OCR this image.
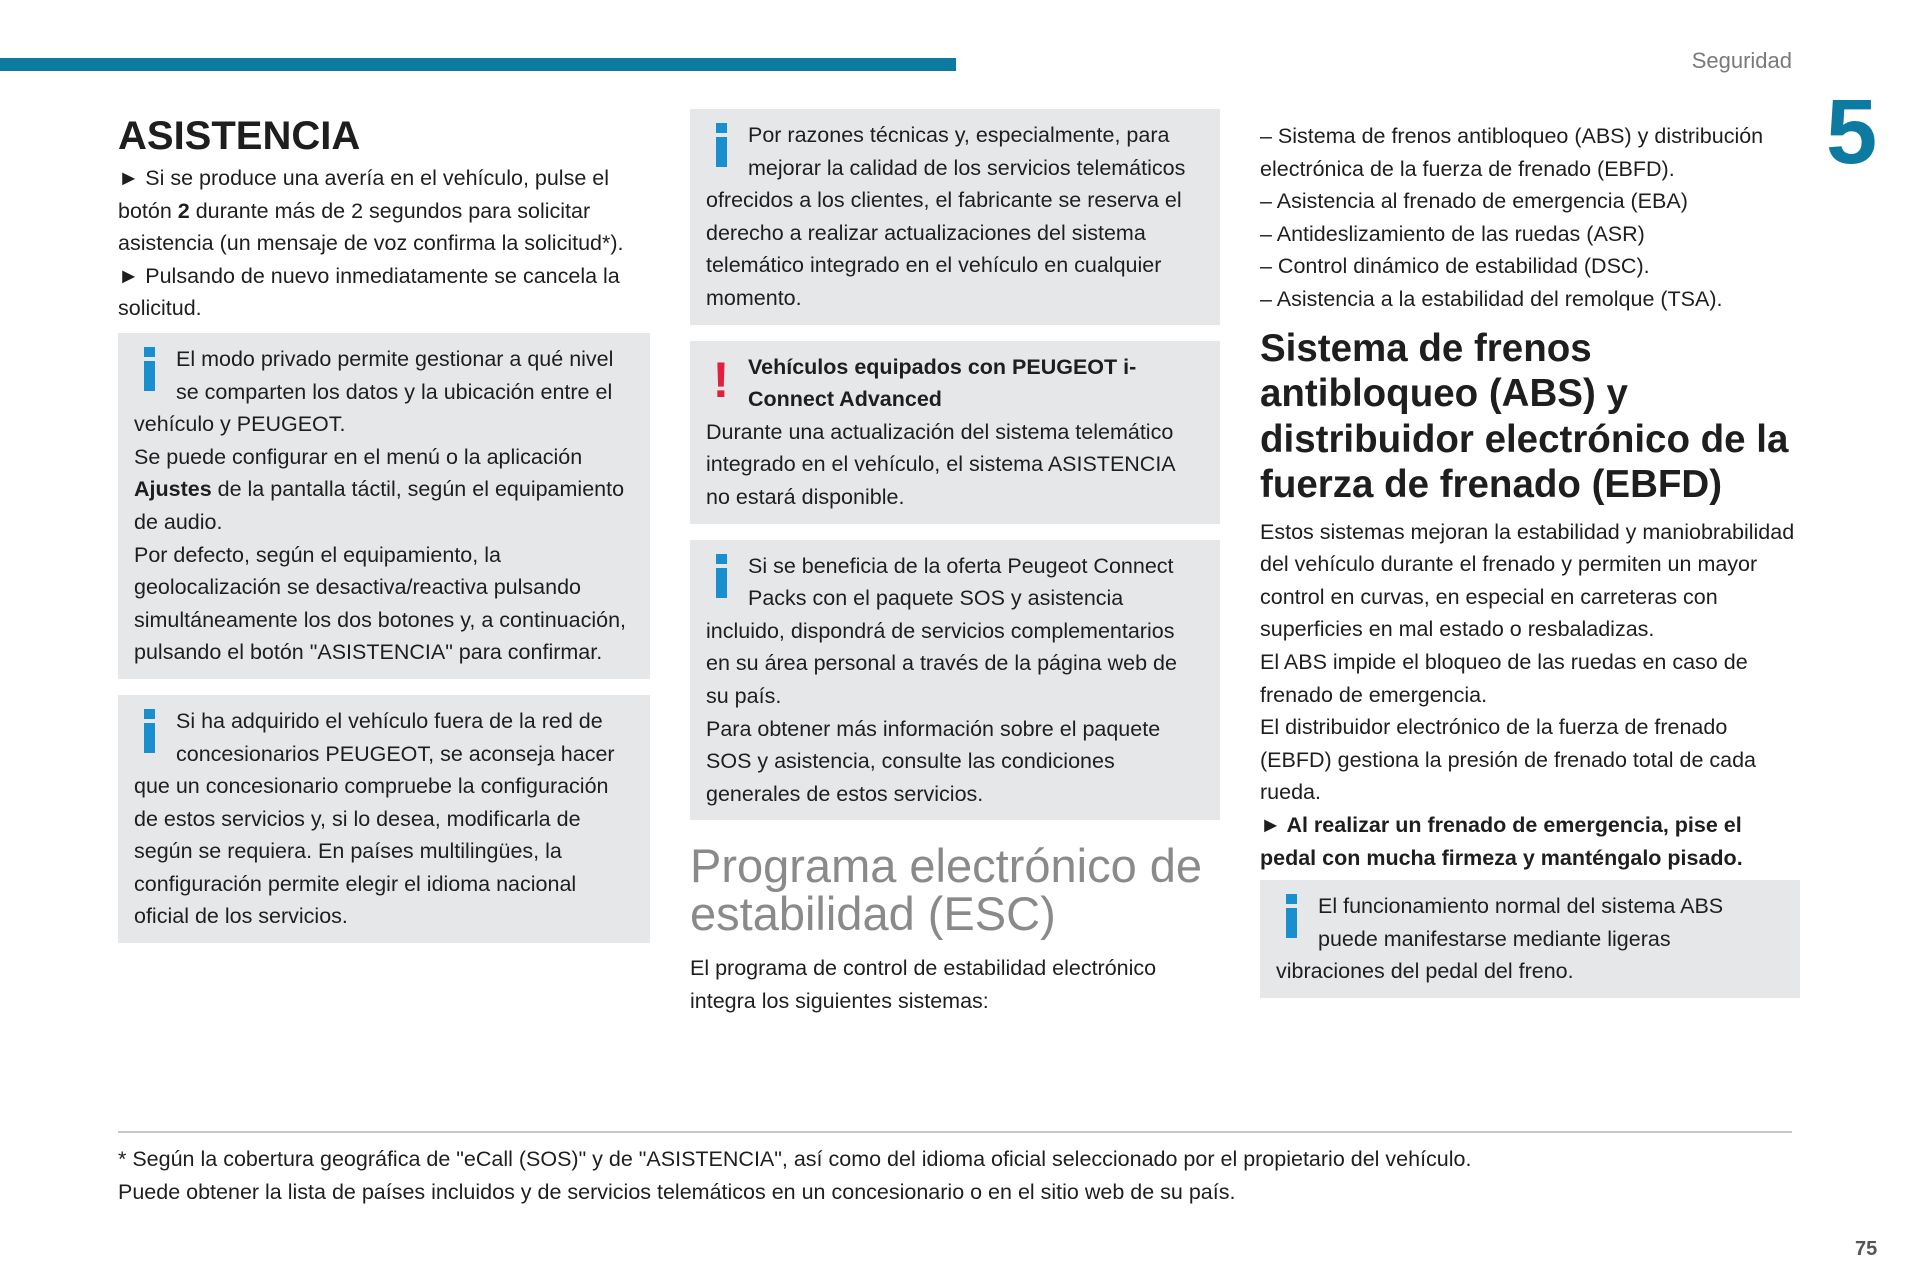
Seguridad
5
ASISTENCIA

► Si se produce una avería en el vehículo, pulse el botón 2 durante más de 2 segundos para solicitar asistencia (un mensaje de voz confirma la solicitud*).

► Pulsando de nuevo inmediatamente se cancela la solicitud.

El modo privado permite gestionar a qué nivel se comparten los datos y la ubicación entre el vehículo y PEUGEOT.

Se puede configurar en el menú o la aplicación Ajustes de la pantalla táctil, según el equipamiento de audio.

Por defecto, según el equipamiento, la geolocalización se desactiva/reactiva pulsando simultáneamente los dos botones y, a continuación, pulsando el botón "ASISTENCIA" para confirmar.

Si ha adquirido el vehículo fuera de la red de concesionarios PEUGEOT, se aconseja hacer que un concesionario compruebe la configuración de estos servicios y, si lo desea, modificarla de según se requiera. En países multilingües, la configuración permite elegir el idioma nacional oficial de los servicios.

Por razones técnicas y, especialmente, para mejorar la calidad de los servicios telemáticos ofrecidos a los clientes, el fabricante se reserva el derecho a realizar actualizaciones del sistema telemático integrado en el vehículo en cualquier momento.

! Vehículos equipados con PEUGEOT i-Connect Advanced

Durante una actualización del sistema telemático integrado en el vehículo, el sistema ASISTENCIA no estará disponible.

Si se beneficia de la oferta Peugeot Connect Packs con el paquete SOS y asistencia incluido, dispondrá de servicios complementarios en su área personal a través de la página web de su país.

Para obtener más información sobre el paquete SOS y asistencia, consulte las condiciones generales de estos servicios.

Programa electrónico de estabilidad (ESC)

El programa de control de estabilidad electrónico integra los siguientes sistemas:

– Sistema de frenos antibloqueo (ABS) y distribución electrónica de la fuerza de frenado (EBFD).

– Asistencia al frenado de emergencia (EBA)

– Antideslizamiento de las ruedas (ASR)

– Control dinámico de estabilidad (DSC).

– Asistencia a la estabilidad del remolque (TSA).

Sistema de frenos antibloqueo (ABS) y distribuidor electrónico de la fuerza de frenado (EBFD)

Estos sistemas mejoran la estabilidad y maniobrabilidad del vehículo durante el frenado y permiten un mayor control en curvas, en especial en carreteras con superficies en mal estado o resbaladizas.

El ABS impide el bloqueo de las ruedas en caso de frenado de emergencia.

El distribuidor electrónico de la fuerza de frenado (EBFD) gestiona la presión de frenado total de cada rueda.

► Al realizar un frenado de emergencia, pise el pedal con mucha firmeza y manténgalo pisado.

El funcionamiento normal del sistema ABS puede manifestarse mediante ligeras vibraciones del pedal del freno.

* Según la cobertura geográfica de "eCall (SOS)" y de "ASISTENCIA", así como del idioma oficial seleccionado por el propietario del vehículo.

Puede obtener la lista de países incluidos y de servicios telemáticos en un concesionario o en el sitio web de su país.

75
